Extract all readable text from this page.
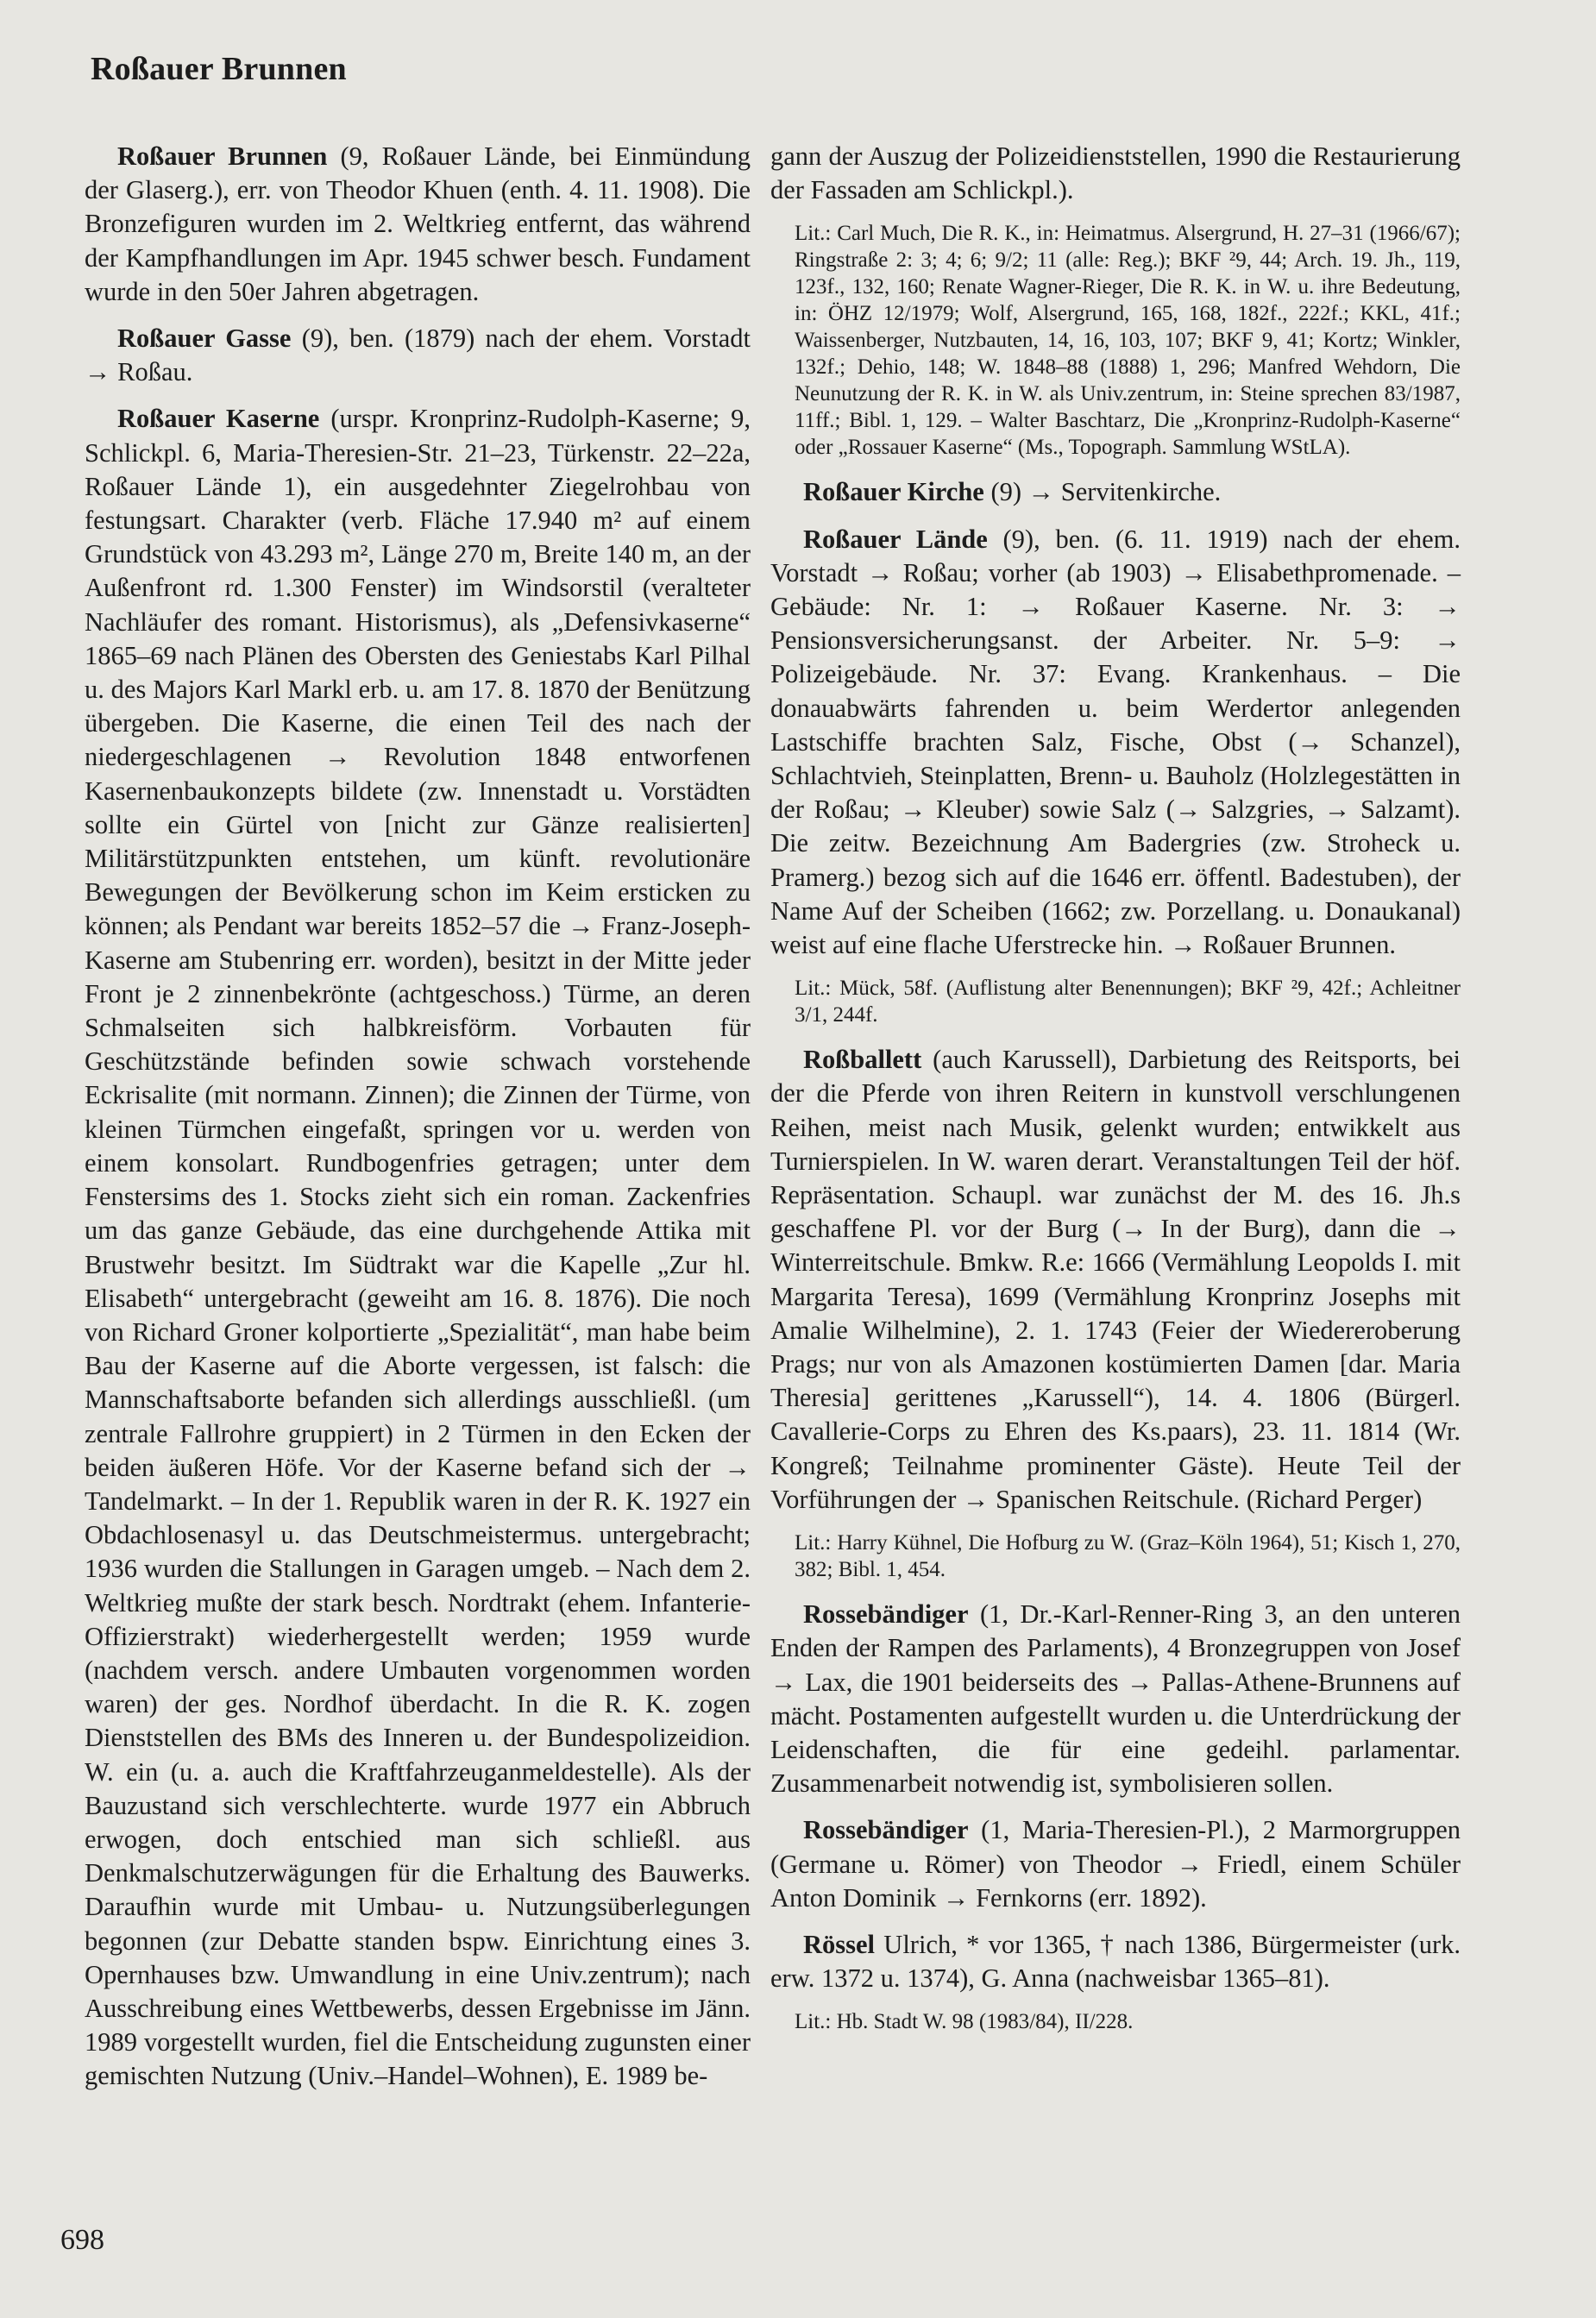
Roßauer Brunnen

Roßauer Brunnen (9, Roßauer Lände, bei Einmündung der Glaserg.), err. von Theodor Khuen (enth. 4. 11. 1908). Die Bronzefiguren wurden im 2. Weltkrieg entfernt, das während der Kampfhandlungen im Apr. 1945 schwer besch. Fundament wurde in den 50er Jahren abgetragen.

Roßauer Gasse (9), ben. (1879) nach der ehem. Vorstadt → Roßau.

Roßauer Kaserne (urspr. Kronprinz-Rudolph-Kaserne; 9, Schlickpl. 6, Maria-Theresien-Str. 21–23, Türkenstr. 22–22a, Roßauer Lände 1), ein ausgedehnter Ziegelrohbau von festungsart. Charakter (verb. Fläche 17.940 m² auf einem Grundstück von 43.293 m², Länge 270 m, Breite 140 m, an der Außenfront rd. 1.300 Fenster) im Windsorstil (veralteter Nachläufer des romant. Historismus), als „Defensivkaserne“ 1865–69 nach Plänen des Obersten des Geniestabs Karl Pilhal u. des Majors Karl Markl erb. u. am 17. 8. 1870 der Benützung übergeben. Die Kaserne, die einen Teil des nach der niedergeschlagenen → Revolution 1848 entworfenen Kasernenbaukonzepts bildete (zw. Innenstadt u. Vorstädten sollte ein Gürtel von [nicht zur Gänze realisierten] Militärstützpunkten entstehen, um künft. revolutionäre Bewegungen der Bevölkerung schon im Keim ersticken zu können; als Pendant war bereits 1852–57 die → Franz-Joseph-Kaserne am Stubenring err. worden), besitzt in der Mitte jeder Front je 2 zinnenbekrönte (achtgeschoss.) Türme, an deren Schmalseiten sich halbkreisförm. Vorbauten für Geschützstände befinden sowie schwach vorstehende Eckrisalite (mit normann. Zinnen); die Zinnen der Türme, von kleinen Türmchen eingefaßt, springen vor u. werden von einem konsolart. Rundbogenfries getragen; unter dem Fenstersims des 1. Stocks zieht sich ein roman. Zackenfries um das ganze Gebäude, das eine durchgehende Attika mit Brustwehr besitzt. Im Südtrakt war die Kapelle „Zur hl. Elisabeth“ untergebracht (geweiht am 16. 8. 1876). Die noch von Richard Groner kolportierte „Spezialität“, man habe beim Bau der Kaserne auf die Aborte vergessen, ist falsch: die Mannschaftsaborte befanden sich allerdings ausschließl. (um zentrale Fallrohre gruppiert) in 2 Türmen in den Ecken der beiden äußeren Höfe. Vor der Kaserne befand sich der → Tandelmarkt. – In der 1. Republik waren in der R. K. 1927 ein Obdachlosenasyl u. das Deutschmeistermus. untergebracht; 1936 wurden die Stallungen in Garagen umgeb. – Nach dem 2. Weltkrieg mußte der stark besch. Nordtrakt (ehem. Infanterie-Offizierstrakt) wiederhergestellt werden; 1959 wurde (nachdem versch. andere Umbauten vorgenommen worden waren) der ges. Nordhof überdacht. In die R. K. zogen Dienststellen des BMs des Inneren u. der Bundespolizeidion. W. ein (u. a. auch die Kraftfahrzeuganmeldestelle). Als der Bauzustand sich verschlechterte. wurde 1977 ein Abbruch erwogen, doch entschied man sich schließl. aus Denkmalschutzerwägungen für die Erhaltung des Bauwerks. Daraufhin wurde mit Umbau- u. Nutzungsüberlegungen begonnen (zur Debatte standen bspw. Einrichtung eines 3. Opernhauses bzw. Umwandlung in eine Univ.zentrum); nach Ausschreibung eines Wettbewerbs, dessen Ergebnisse im Jänn. 1989 vorgestellt wurden, fiel die Entscheidung zugunsten einer gemischten Nutzung (Univ.–Handel–Wohnen), E. 1989 be-

gann der Auszug der Polizeidienststellen, 1990 die Restaurierung der Fassaden am Schlickpl.).

Lit.: Carl Much, Die R. K., in: Heimatmus. Alsergrund, H. 27–31 (1966/67); Ringstraße 2: 3; 4; 6; 9/2; 11 (alle: Reg.); BKF ²9, 44; Arch. 19. Jh., 119, 123f., 132, 160; Renate Wagner-Rieger, Die R. K. in W. u. ihre Bedeutung, in: ÖHZ 12/1979; Wolf, Alsergrund, 165, 168, 182f., 222f.; KKL, 41f.; Waissenberger, Nutzbauten, 14, 16, 103, 107; BKF 9, 41; Kortz; Winkler, 132f.; Dehio, 148; W. 1848–88 (1888) 1, 296; Manfred Wehdorn, Die Neunutzung der R. K. in W. als Univ.zentrum, in: Steine sprechen 83/1987, 11ff.; Bibl. 1, 129. – Walter Baschtarz, Die „Kronprinz-Rudolph-Kaserne“ oder „Rossauer Kaserne“ (Ms., Topograph. Sammlung WStLA).

Roßauer Kirche (9) → Servitenkirche.

Roßauer Lände (9), ben. (6. 11. 1919) nach der ehem. Vorstadt → Roßau; vorher (ab 1903) → Elisabethpromenade. – Gebäude: Nr. 1: → Roßauer Kaserne. Nr. 3: → Pensionsversicherungsanst. der Arbeiter. Nr. 5–9: → Polizeigebäude. Nr. 37: Evang. Krankenhaus. – Die donauabwärts fahrenden u. beim Werdertor anlegenden Lastschiffe brachten Salz, Fische, Obst (→ Schanzel), Schlachtvieh, Steinplatten, Brenn- u. Bauholz (Holzlegestätten in der Roßau; → Kleuber) sowie Salz (→ Salzgries, → Salzamt). Die zeitw. Bezeichnung Am Badergries (zw. Stroheck u. Pramerg.) bezog sich auf die 1646 err. öffentl. Badestuben), der Name Auf der Scheiben (1662; zw. Porzellang. u. Donaukanal) weist auf eine flache Uferstrecke hin. → Roßauer Brunnen.

Lit.: Mück, 58f. (Auflistung alter Benennungen); BKF ²9, 42f.; Achleitner 3/1, 244f.

Roßballett (auch Karussell), Darbietung des Reitsports, bei der die Pferde von ihren Reitern in kunstvoll verschlungenen Reihen, meist nach Musik, gelenkt wurden; entwikkelt aus Turnierspielen. In W. waren derart. Veranstaltungen Teil der höf. Repräsentation. Schaupl. war zunächst der M. des 16. Jh.s geschaffene Pl. vor der Burg (→ In der Burg), dann die → Winterreitschule. Bmkw. R.e: 1666 (Vermählung Leopolds I. mit Margarita Teresa), 1699 (Vermählung Kronprinz Josephs mit Amalie Wilhelmine), 2. 1. 1743 (Feier der Wiedereroberung Prags; nur von als Amazonen kostümierten Damen [dar. Maria Theresia] gerittenes „Karussell“), 14. 4. 1806 (Bürgerl. Cavallerie-Corps zu Ehren des Ks.paars), 23. 11. 1814 (Wr. Kongreß; Teilnahme prominenter Gäste). Heute Teil der Vorführungen der → Spanischen Reitschule. (Richard Perger)

Lit.: Harry Kühnel, Die Hofburg zu W. (Graz–Köln 1964), 51; Kisch 1, 270, 382; Bibl. 1, 454.

Rossebändiger (1, Dr.-Karl-Renner-Ring 3, an den unteren Enden der Rampen des Parlaments), 4 Bronzegruppen von Josef → Lax, die 1901 beiderseits des → Pallas-Athene-Brunnens auf mächt. Postamenten aufgestellt wurden u. die Unterdrückung der Leidenschaften, die für eine gedeihl. parlamentar. Zusammenarbeit notwendig ist, symbolisieren sollen.

Rossebändiger (1, Maria-Theresien-Pl.), 2 Marmorgruppen (Germane u. Römer) von Theodor → Friedl, einem Schüler Anton Dominik → Fernkorns (err. 1892).

Rössel Ulrich, * vor 1365, † nach 1386, Bürgermeister (urk. erw. 1372 u. 1374), G. Anna (nachweisbar 1365–81).

Lit.: Hb. Stadt W. 98 (1983/84), II/228.

698
